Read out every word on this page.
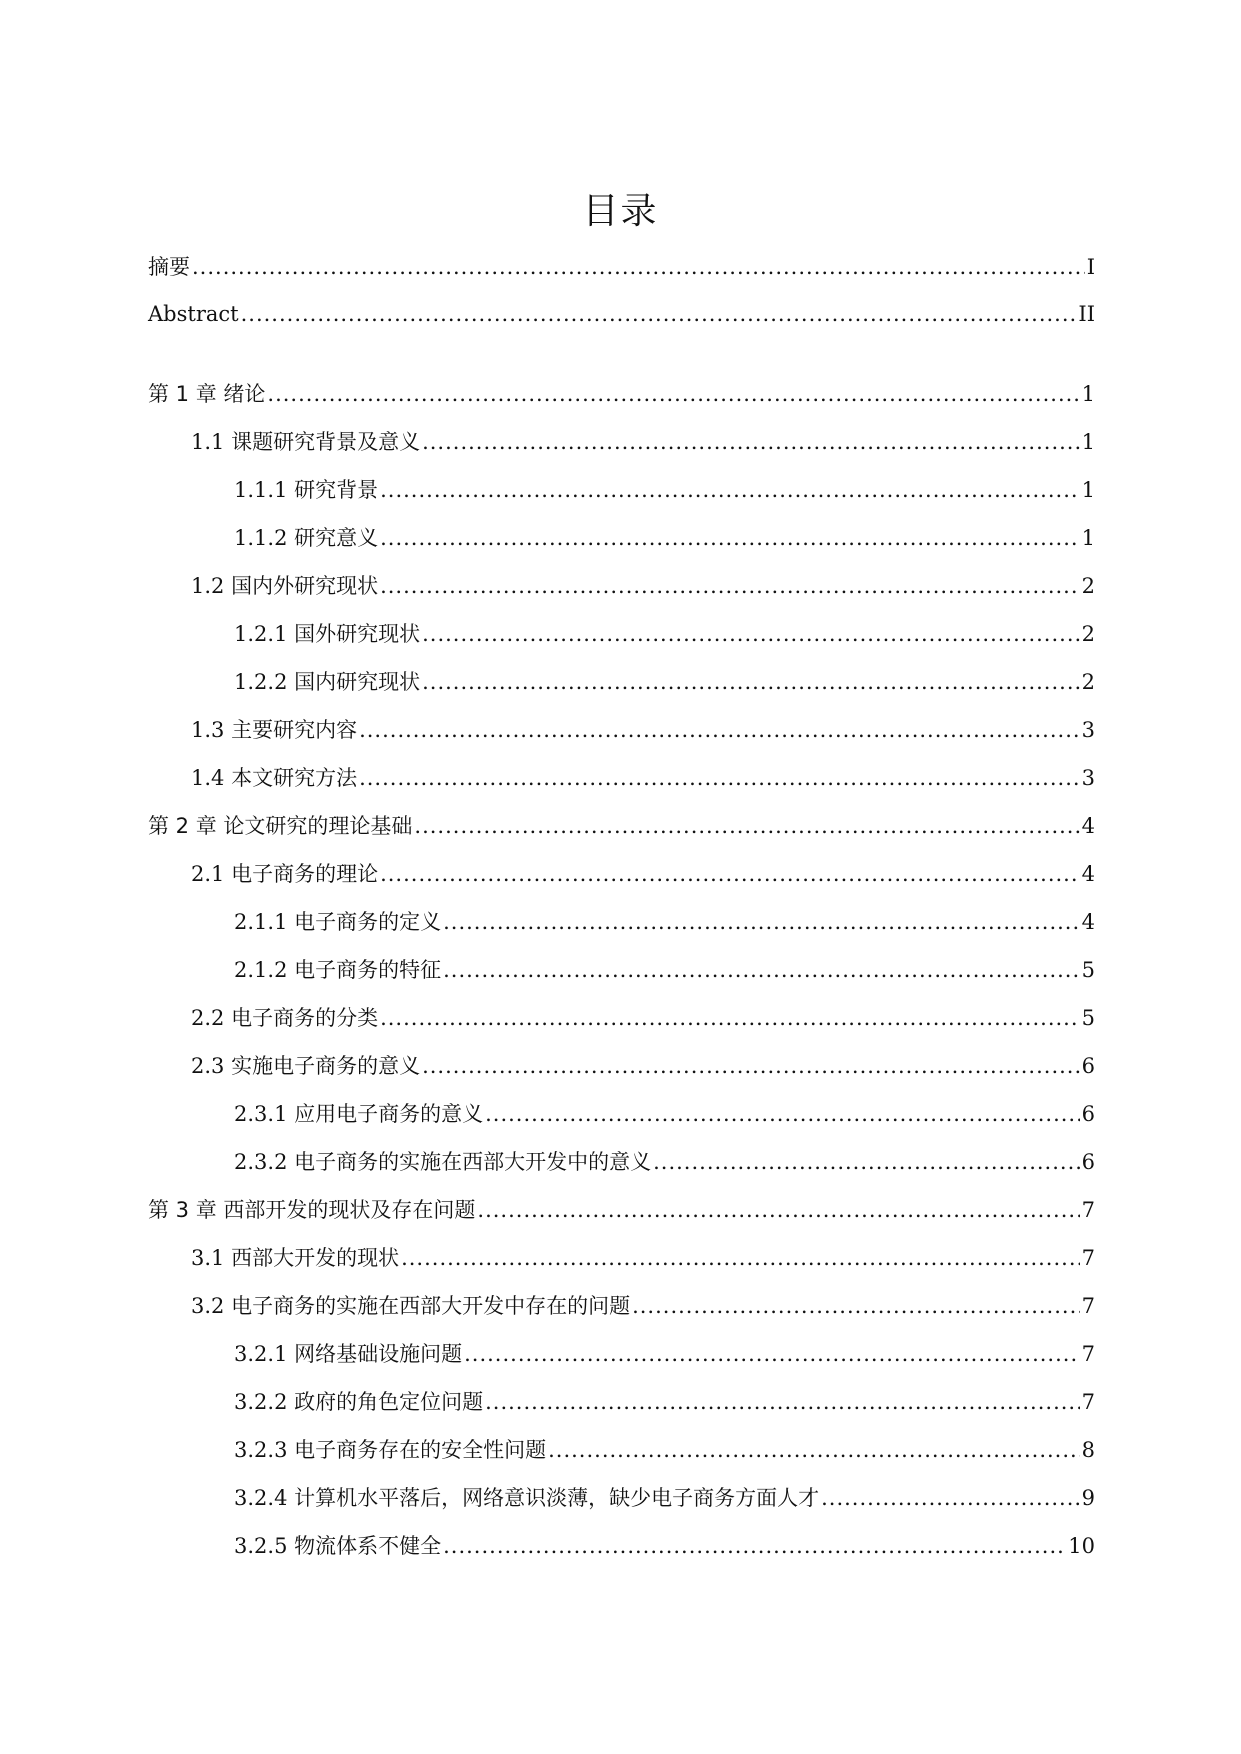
目录
摘要 .....	I
Abstract .....	II
第 1 章 绪论 .....	1
1.1 课题研究背景及意义 .....	1
1.1.1 研究背景 .....	1
1.1.2 研究意义 .....	1
1.2 国内外研究现状 .....	2
1.2.1 国外研究现状 .....	2
1.2.2 国内研究现状 .....	2
1.3 主要研究内容 .....	3
1.4 本文研究方法 .....	3
第 2 章 论文研究的理论基础 .....	4
2.1 电子商务的理论 .....	4
2.1.1 电子商务的定义 .....	4
2.1.2 电子商务的特征 .....	5
2.2 电子商务的分类 .....	5
2.3 实施电子商务的意义 .....	6
2.3.1 应用电子商务的意义 .....	6
2.3.2 电子商务的实施在西部大开发中的意义 .....	6
第 3 章 西部开发的现状及存在问题 .....	7
3.1 西部大开发的现状 .....	7
3.2 电子商务的实施在西部大开发中存在的问题 .....	7
3.2.1 网络基础设施问题 .....	7
3.2.2 政府的角色定位问题 .....	7
3.2.3 电子商务存在的安全性问题 .....	8
3.2.4 计算机水平落后，网络意识淡薄，缺少电子商务方面人才 .....	9
3.2.5 物流体系不健全 .....	10
